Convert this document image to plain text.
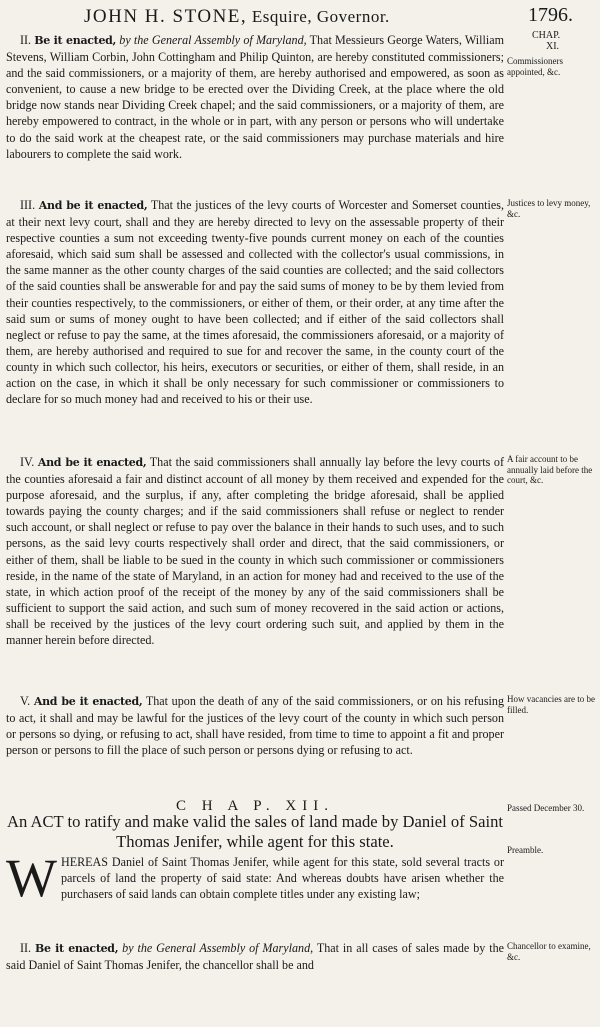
JOHN H. STONE, Esquire, Governor.	1796.
CHAP.
XI.
II. Be it enacted, by the General Assembly of Maryland, That Messieurs George Waters, William Stevens, William Corbin, John Cottingham and Philip Quinton, are hereby constituted commissioners; and the said commissioners, or a majority of them, are hereby authorised and empowered, as soon as convenient, to cause a new bridge to be erected over the Dividing Creek, at the place where the old bridge now stands near Dividing Creek chapel; and the said commissioners, or a majority of them, are hereby empowered to contract, in the whole or in part, with any person or persons who will undertake to do the said work at the cheapest rate, or the said commissioners may purchase materials and hire labourers to complete the said work.
Commissioners appointed, &c.
III. And be it enacted, That the justices of the levy courts of Worcester and Somerset counties, at their next levy court, shall and they are hereby directed to levy on the assessable property of their respective counties a sum not exceeding twenty-five pounds current money on each of the counties aforesaid, which said sum shall be assessed and collected with the collector's usual commissions, in the same manner as the other county charges of the said counties are collected; and the said collectors of the said counties shall be answerable for and pay the said sums of money to be by them levied from their counties respectively, to the commissioners, or either of them, or their order, at any time after the said sum or sums of money ought to have been collected; and if either of the said collectors shall neglect or refuse to pay the same, at the times aforesaid, the commissioners aforesaid, or a majority of them, are hereby authorised and required to sue for and recover the same, in the county court of the county in which such collector, his heirs, executors or securities, or either of them, shall reside, in an action on the case, in which it shall be only necessary for such commissioner or commissioners to declare for so much money had and received to his or their use.
Justices to levy money, &c.
IV. And be it enacted, That the said commissioners shall annually lay before the levy courts of the counties aforesaid a fair and distinct account of all money by them received and expended for the purpose aforesaid, and the surplus, if any, after completing the bridge aforesaid, shall be applied towards paying the county charges; and if the said commissioners shall refuse or neglect to render such account, or shall neglect or refuse to pay over the balance in their hands to such uses, and to such persons, as the said levy courts respectively shall order and direct, that the said commissioners, or either of them, shall be liable to be sued in the county in which such commissioner or commissioners reside, in the name of the state of Maryland, in an action for money had and received to the use of the state, in which action proof of the receipt of the money by any of the said commissioners shall be sufficient to support the said action, and such sum of money recovered in the said action or actions, shall be received by the justices of the levy court ordering such suit, and applied by them in the manner herein before directed.
A fair account to be annually laid before the court, &c.
V. And be it enacted, That upon the death of any of the said commissioners, or on his refusing to act, it shall and may be lawful for the justices of the levy court of the county in which such person or persons so dying, or refusing to act, shall have resided, from time to time to appoint a fit and proper person or persons to fill the place of such person or persons dying or refusing to act.
How vacancies are to be filled.
C H A P. XII.	Passed December 30.
An ACT to ratify and make valid the sales of land made by Daniel of Saint Thomas Jenifer, while agent for this state.	Preamble.
WHEREAS Daniel of Saint Thomas Jenifer, while agent for this state, sold several tracts or parcels of land the property of said state: And whereas doubts have arisen whether the purchasers of said lands can obtain complete titles under any existing law;
II. Be it enacted, by the General Assembly of Maryland, That in all cases of sales made by the said Daniel of Saint Thomas Jenifer, the chancellor shall be and
Chancellor to examine, &c.
